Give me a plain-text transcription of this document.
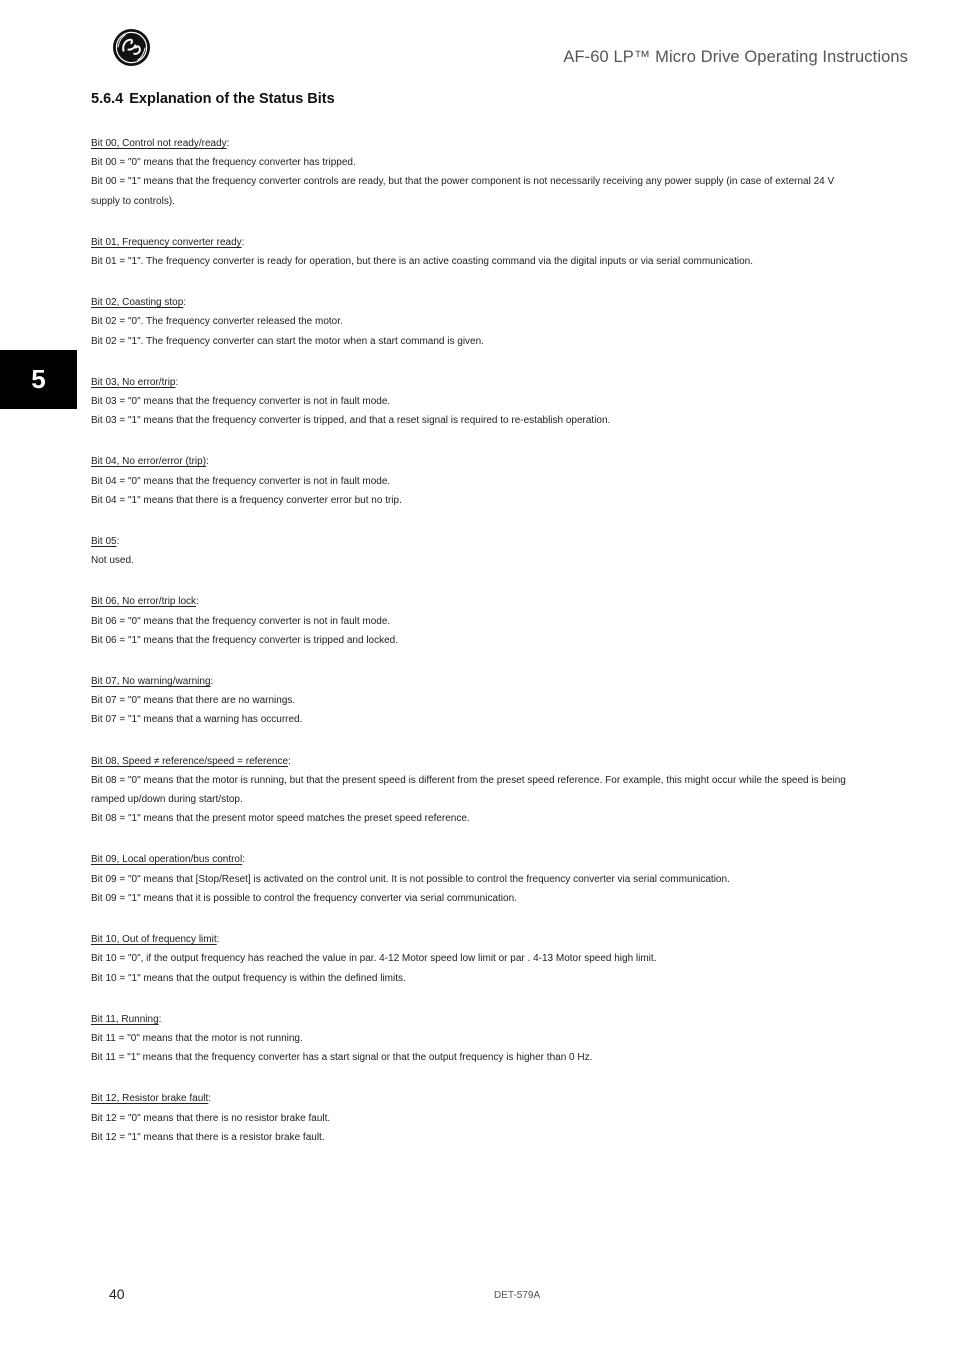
AF-60 LP™ Micro Drive Operating Instructions
5.6.4 Explanation of the Status Bits
5
Bit 00, Control not ready/ready:

Bit 00 = "0" means that the frequency converter has tripped.

Bit 00 = "1" means that the frequency converter controls are ready, but that the power component is not necessarily receiving any power supply (in case of external 24 V supply to controls).

Bit 01, Frequency converter ready:

Bit 01 = "1". The frequency converter is ready for operation, but there is an active coasting command via the digital inputs or via serial communication.

Bit 02, Coasting stop:

Bit 02 = "0". The frequency converter released the motor.

Bit 02 = "1". The frequency converter can start the motor when a start command is given.

Bit 03, No error/trip:

Bit 03 = "0" means that the frequency converter is not in fault mode.

Bit 03 = "1" means that the frequency converter is tripped, and that a reset signal is required to re-establish operation.

Bit 04, No error/error (trip):

Bit 04 = "0" means that the frequency converter is not in fault mode.

Bit 04 = "1" means that there is a frequency converter error but no trip.

Bit 05:

Not used.

Bit 06, No error/trip lock:

Bit 06 = "0" means that the frequency converter is not in fault mode.

Bit 06 = "1" means that the frequency converter is tripped and locked.

Bit 07, No warning/warning:

Bit 07 = "0" means that there are no warnings.

Bit 07 = "1" means that a warning has occurred.

Bit 08, Speed ≠ reference/speed = reference:

Bit 08 = "0" means that the motor is running, but that the present speed is different from the preset speed reference. For example, this might occur while the speed is being ramped up/down during start/stop.

Bit 08 = "1" means that the present motor speed matches the preset speed reference.

Bit 09, Local operation/bus control:

Bit 09 = "0" means that [Stop/Reset] is activated on the control unit. It is not possible to control the frequency converter via serial communication.

Bit 09 = "1" means that it is possible to control the frequency converter via serial communication.

Bit 10, Out of frequency limit:

Bit 10 = "0", if the output frequency has reached the value in par. 4-12 Motor speed low limit or par . 4-13 Motor speed high limit.

Bit 10 = "1" means that the output frequency is within the defined limits.

Bit 11, Running:

Bit 11 = "0" means that the motor is not running.

Bit 11 = "1" means that the frequency converter has a start signal or that the output frequency is higher than 0 Hz.

Bit 12, Resistor brake fault:

Bit 12 = "0" means that there is no resistor brake fault.

Bit 12 = "1" means that there is a resistor brake fault.

40	DET-579A
